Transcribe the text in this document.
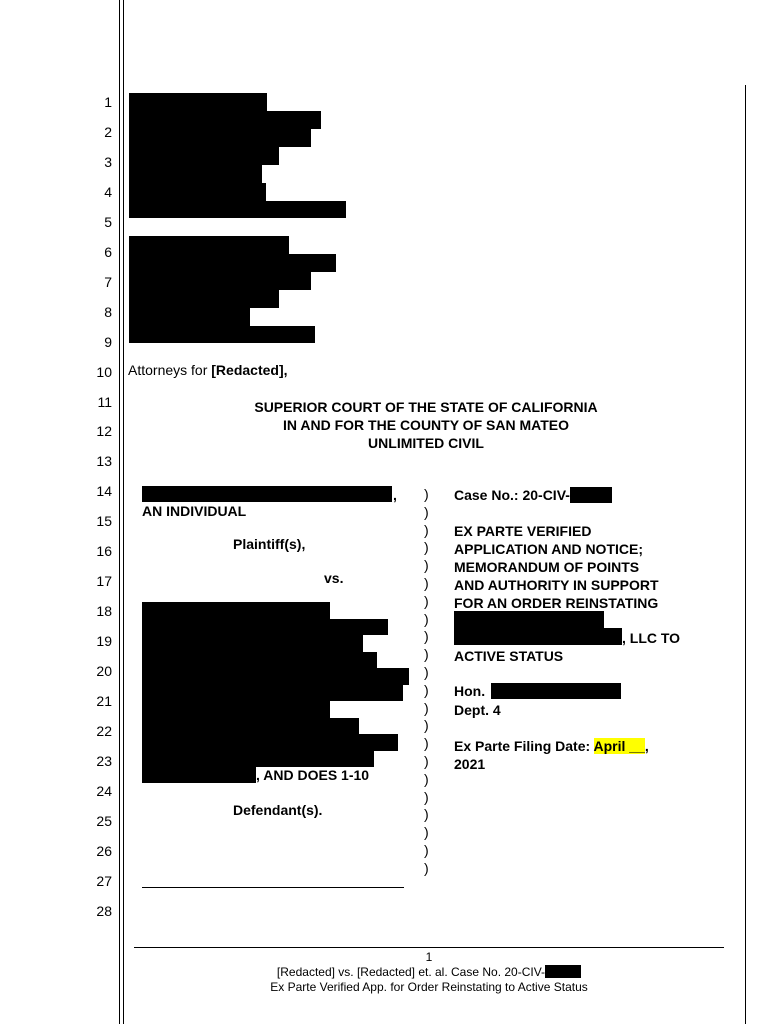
1
2
3
4
5
6
7
8
9
10
11
12
13
14
15
16
17
18
19
20
21
22
23
24
25
26
27
28
Attorneys for [Redacted],
SUPERIOR COURT OF THE STATE OF CALIFORNIA
IN AND FOR THE COUNTY OF SAN MATEO
UNLIMITED CIVIL
,
AN INDIVIDUAL
Plaintiff(s),
vs.
, AND DOES 1-10
Defendant(s).
)
)
)
)
)
)
)
)
)
)
)
)
)
)
)
)
)
)
)
)
)
)
Case No.: 20-CIV-
EX PARTE VERIFIED
APPLICATION AND NOTICE;
MEMORANDUM OF POINTS
AND AUTHORITY IN SUPPORT
FOR AN ORDER REINSTATING
, LLC TO
ACTIVE STATUS
Hon.
Dept. 4
Ex Parte Filing Date: April __,
2021
1
[Redacted] vs. [Redacted] et. al. Case No. 20-CIV-
Ex Parte Verified App. for Order Reinstating to Active Status
